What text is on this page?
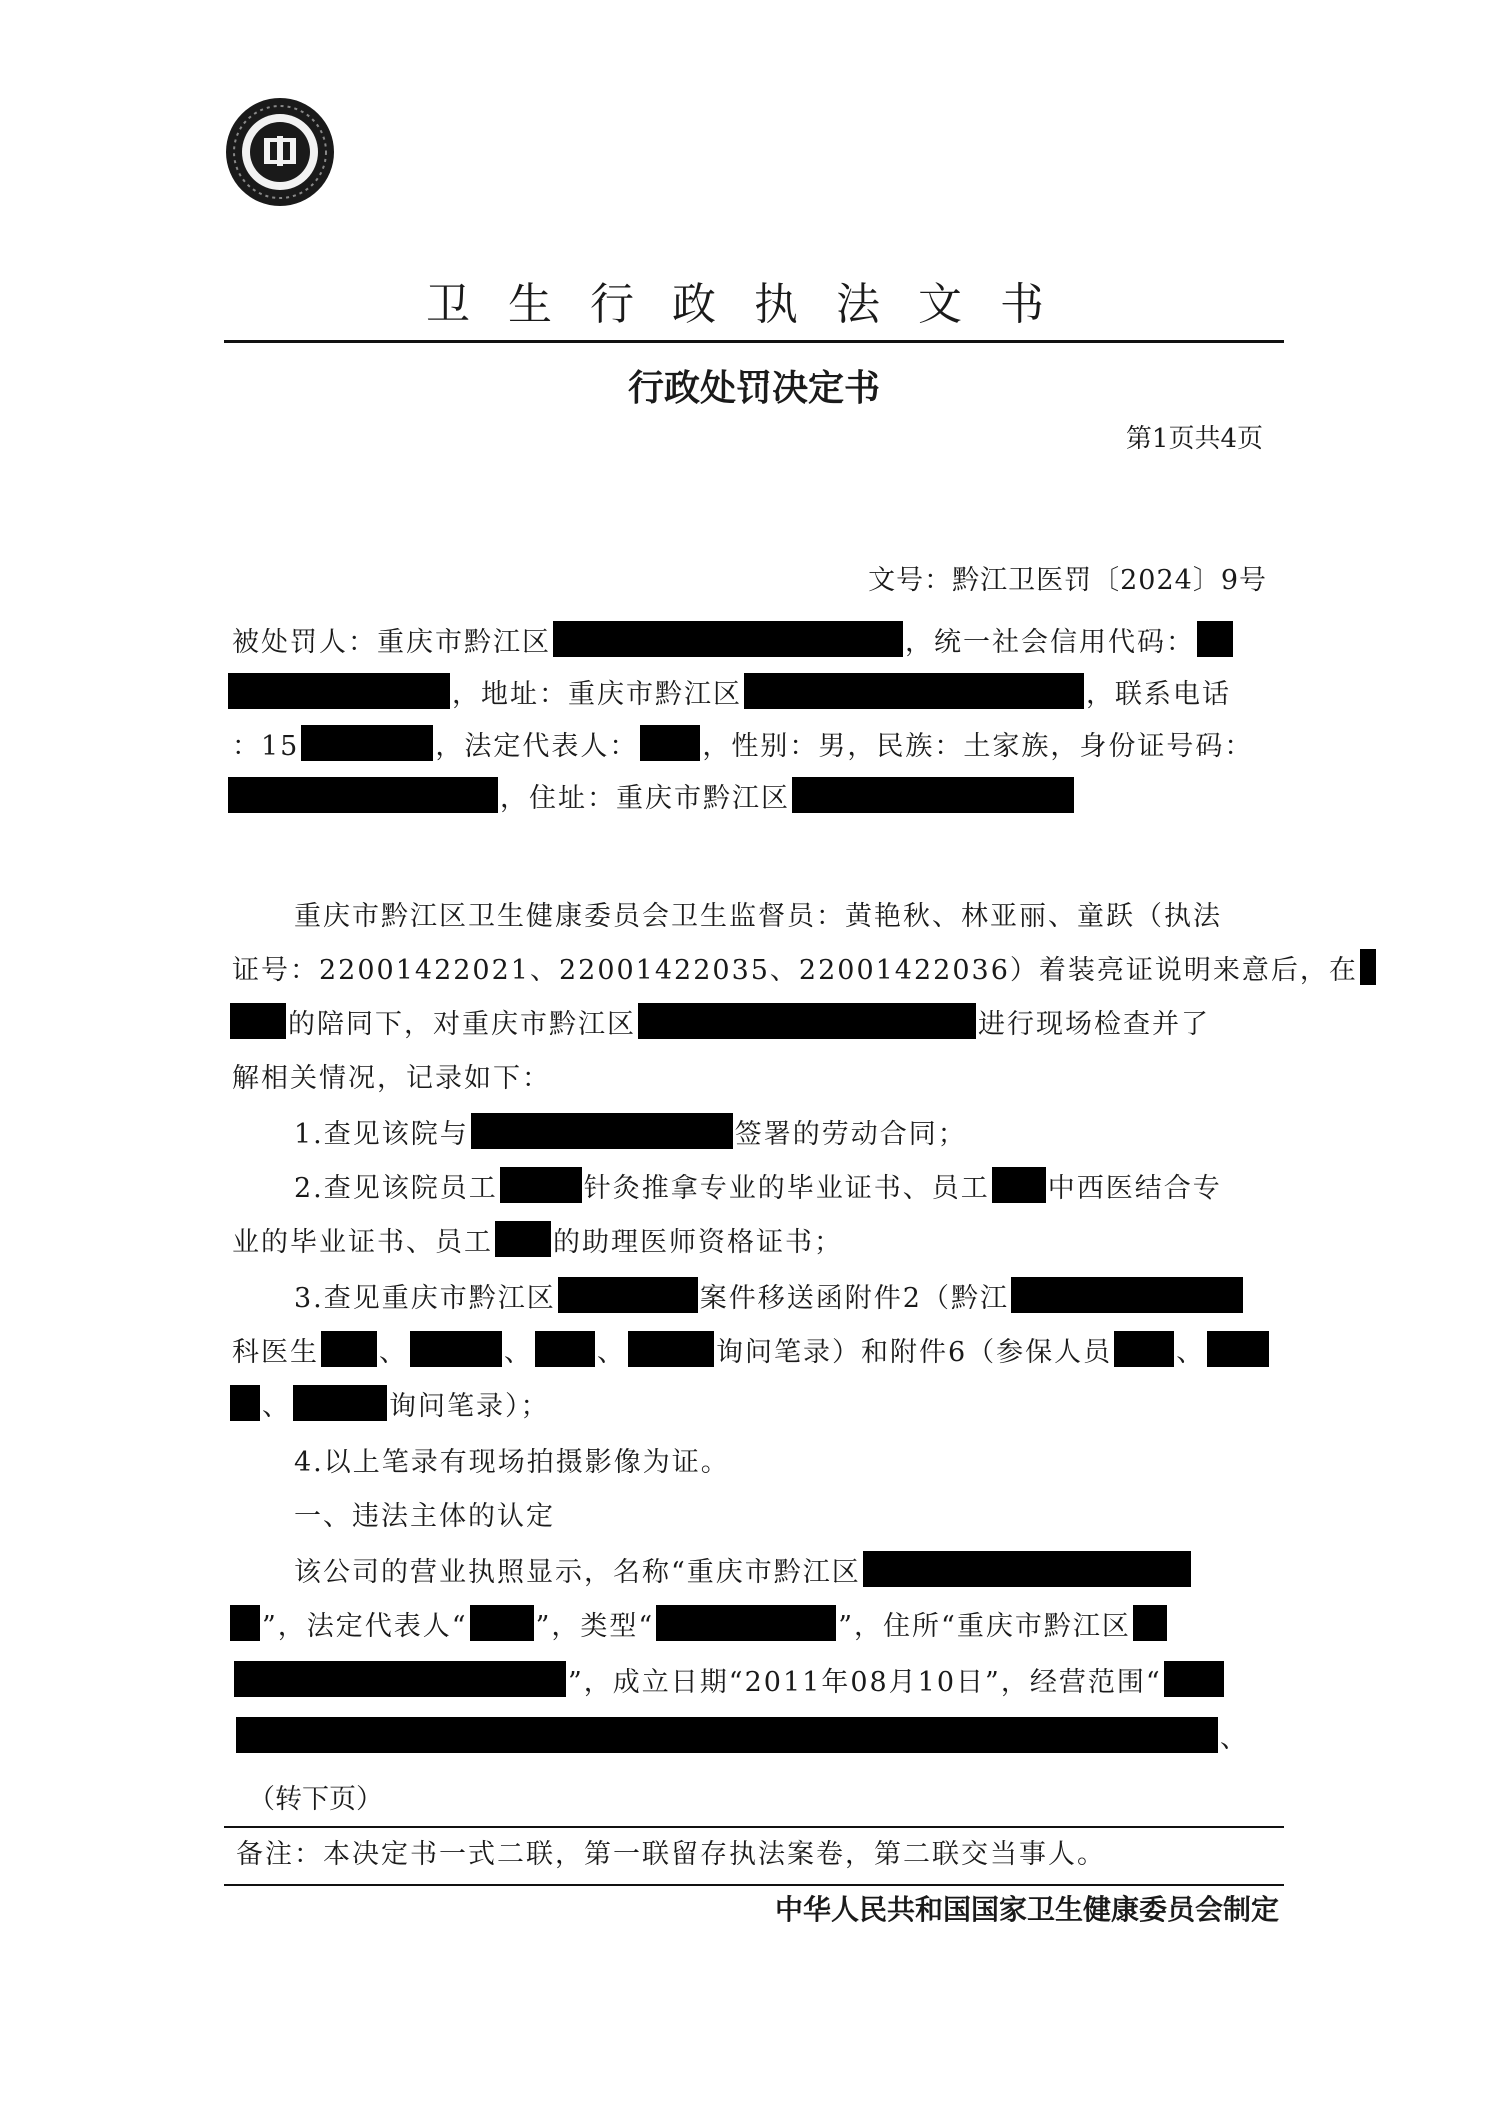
卫生行政执法文书
行政处罚决定书
第1页共4页
文号：黔江卫医罚〔2024〕9号
被处罚人：重庆市黔江区	，统一社会信用代码：
，地址：重庆市黔江区	，联系电话
：15	，法定代表人： ，性别：男，民族：土家族，身份证号码：
，住址：重庆市黔江区
重庆市黔江区卫生健康委员会卫生监督员：黄艳秋、林亚丽、童跃（执法
证号：22001422021、22001422035、22001422036）着装亮证说明来意后，在
的陪同下，对重庆市黔江区	进行现场检查并了
解相关情况，记录如下：
1.查见该院与	签署的劳动合同；
2.查见该院员工	针灸推拿专业的毕业证书、员工 中西医结合专
业的毕业证书、员工 的助理医师资格证书；
3.查见重庆市黔江区	案件移送函附件2（黔江
科医生 、	、 、	询问笔录）和附件6（参保人员 、
、	询问笔录）；
4.以上笔录有现场拍摄影像为证。
一、违法主体的认定
该公司的营业执照显示，名称“重庆市黔江区
”，法定代表人“	”，类型“	”，住所“重庆市黔江区
”，成立日期“2011年08月10日”，经营范围“
、
（转下页）
备注：本决定书一式二联，第一联留存执法案卷，第二联交当事人。
中华人民共和国国家卫生健康委员会制定
